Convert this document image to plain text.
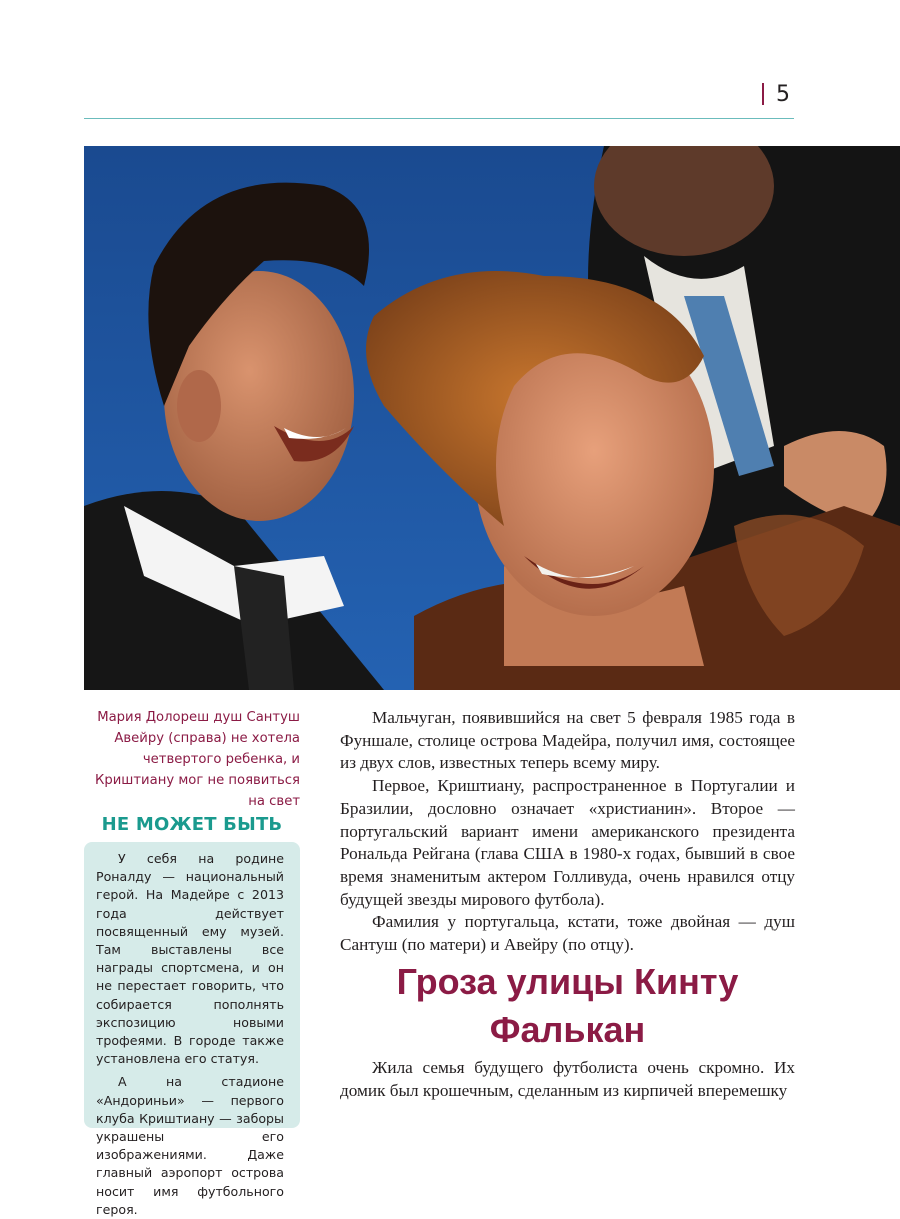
5
Мария Долореш душ Сантуш Авейру (справа) не хотела четвертого ребенка, и Криштиану мог не появиться на свет
НЕ МОЖЕТ БЫТЬ

У себя на родине Роналду — национальный герой. На Мадейре с 2013 года действует посвященный ему музей. Там выставлены все награды спортсмена, и он не перестает говорить, что собирается пополнять экспозицию новыми трофеями. В городе также установлена его статуя.

А на стадионе «Андориньи» — первого клуба Криштиану — заборы украшены его изображениями. Даже главный аэропорт острова носит имя футбольного героя.

Мальчуган, появившийся на свет 5 февраля 1985 года в Фуншале, столице острова Мадейра, получил имя, состоящее из двух слов, известных теперь всему миру.

Первое, Криштиану, распространенное в Португалии и Бразилии, дословно означает «христианин». Второе — португальский вариант имени американского президента Рональда Рейгана (глава США в 1980-х годах, бывший в свое время знаменитым актером Голливуда, очень нравился отцу будущей звезды мирового футбола).

Фамилия у португальца, кстати, тоже двойная — душ Сантуш (по матери) и Авейру (по отцу).

Гроза улицы Кинту Фалькан

Жила семья будущего футболиста очень скромно. Их домик был крошечным, сделанным из кирпичей вперемешку
